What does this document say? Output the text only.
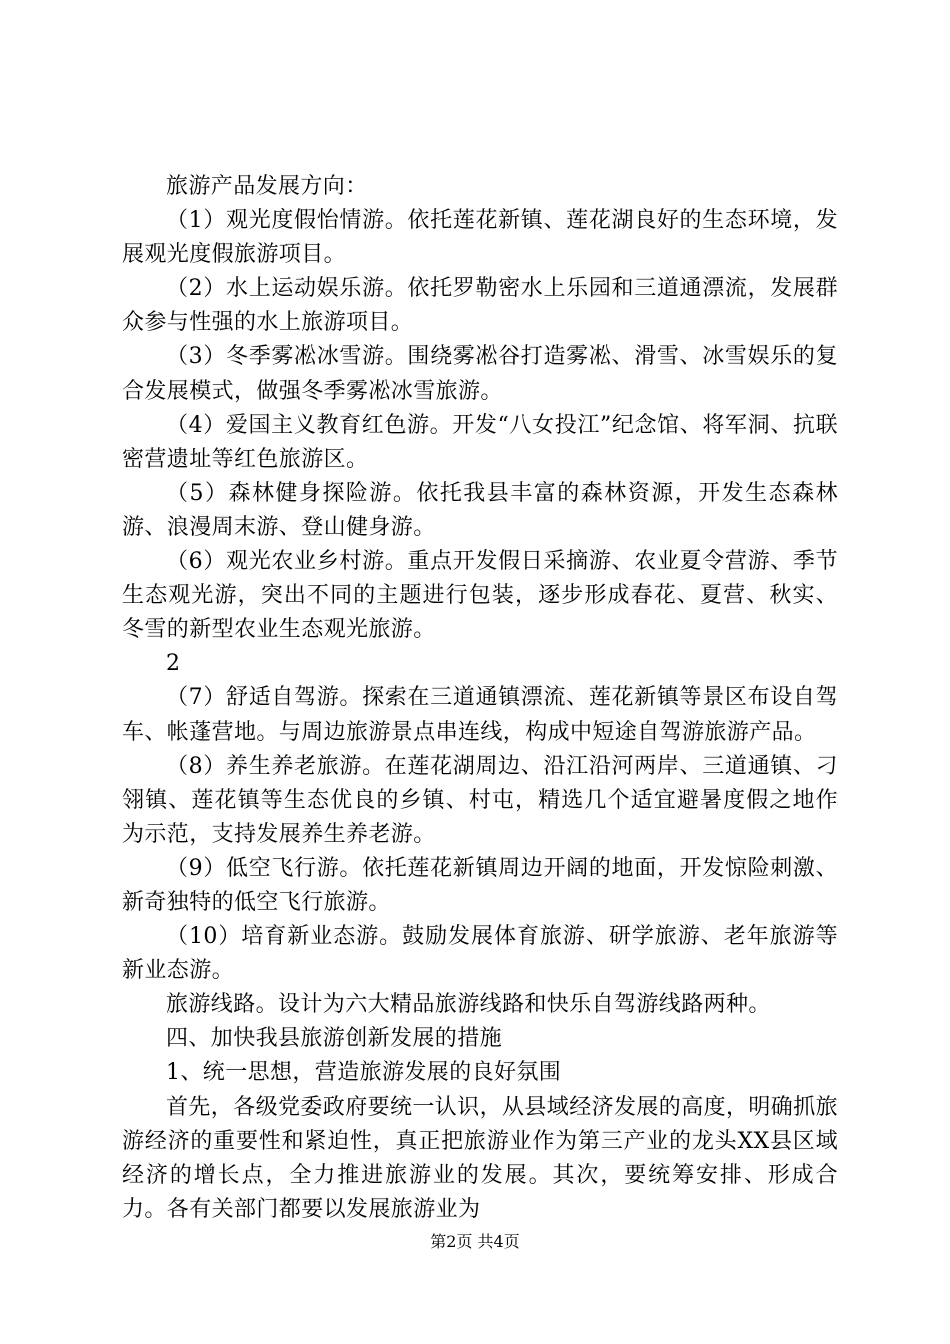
旅游产品发展方向：

（1）观光度假怡情游。依托莲花新镇、莲花湖良好的生态环境，发展观光度假旅游项目。

（2）水上运动娱乐游。依托罗勒密水上乐园和三道通漂流，发展群众参与性强的水上旅游项目。

（3）冬季雾凇冰雪游。围绕雾凇谷打造雾凇、滑雪、冰雪娱乐的复合发展模式，做强冬季雾凇冰雪旅游。

（4）爱国主义教育红色游。开发“八女投江”纪念馆、将军洞、抗联密营遗址等红色旅游区。

（5）森林健身探险游。依托我县丰富的森林资源，开发生态森林游、浪漫周末游、登山健身游。

（6）观光农业乡村游。重点开发假日采摘游、农业夏令营游、季节生态观光游，突出不同的主题进行包装，逐步形成春花、夏营、秋实、冬雪的新型农业生态观光旅游。

2

（7）舒适自驾游。探索在三道通镇漂流、莲花新镇等景区布设自驾车、帐蓬营地。与周边旅游景点串连线，构成中短途自驾游旅游产品。

（8）养生养老旅游。在莲花湖周边、沿江沿河两岸、三道通镇、刁翎镇、莲花镇等生态优良的乡镇、村屯，精选几个适宜避暑度假之地作为示范，支持发展养生养老游。

（9）低空飞行游。依托莲花新镇周边开阔的地面，开发惊险刺激、新奇独特的低空飞行旅游。

（10）培育新业态游。鼓励发展体育旅游、研学旅游、老年旅游等新业态游。

旅游线路。设计为六大精品旅游线路和快乐自驾游线路两种。

四、加快我县旅游创新发展的措施

1、统一思想，营造旅游发展的良好氛围

首先，各级党委政府要统一认识，从县域经济发展的高度，明确抓旅游经济的重要性和紧迫性，真正把旅游业作为第三产业的龙头XX县区域经济的增长点，全力推进旅游业的发展。其次，要统筹安排、形成合力。各有关部门都要以发展旅游业为

第2页 共4页
